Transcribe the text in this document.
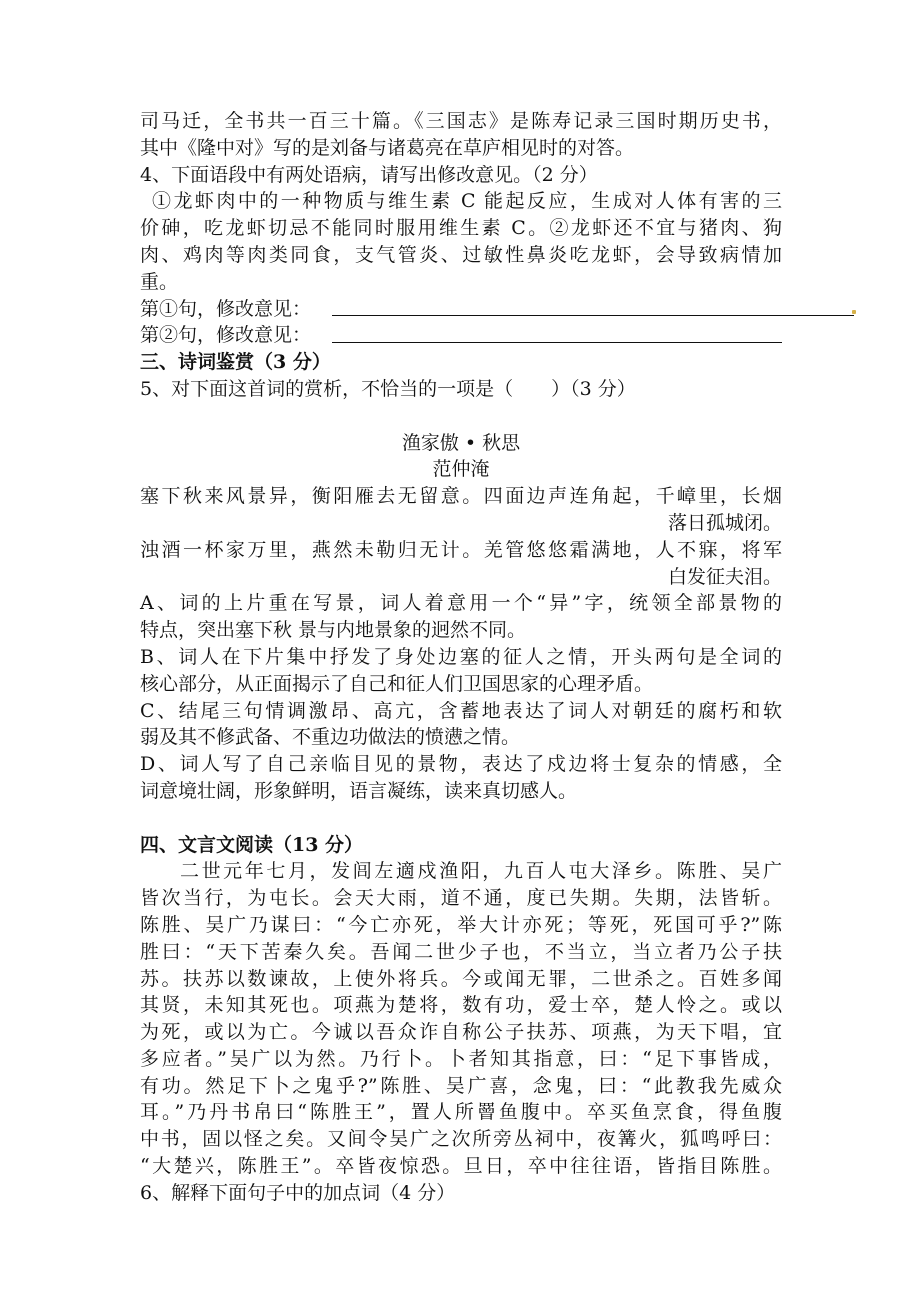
司马迁，全书共一百三十篇。《三国志》是陈寿记录三国时期历史书，
其中《隆中对》写的是刘备与诸葛亮在草庐相见时的对答。
4、下面语段中有两处语病，请写出修改意见。（2 分）
①龙虾肉中的一种物质与维生素 C 能起反应，生成对人体有害的三
价砷，吃龙虾切忌不能同时服用维生素 C。②龙虾还不宜与猪肉、狗
肉、鸡肉等肉类同食，支气管炎、过敏性鼻炎吃龙虾，会导致病情加
重。
第①句，修改意见：
第②句，修改意见：
三、诗词鉴赏（3 分）
5、对下面这首词的赏析，不恰当的一项是（　　）（3 分）
渔家傲 • 秋思
范仲淹
塞下秋来风景异，衡阳雁去无留意。四面边声连角起，千嶂里，长烟
落日孤城闭。
浊酒一杯家万里，燕然未勒归无计。羌管悠悠霜满地，人不寐，将军
白发征夫泪。
A、词的上片重在写景，词人着意用一个“异”字，统领全部景物的
特点，突出塞下秋 景与内地景象的迥然不同。
B、词人在下片集中抒发了身处边塞的征人之情，开头两句是全词的
核心部分，从正面揭示了自己和征人们卫国思家的心理矛盾。
C、结尾三句情调激昂、高亢，含蓄地表达了词人对朝廷的腐朽和软
弱及其不修武备、不重边功做法的愤懑之情。
D、词人写了自己亲临目见的景物，表达了戍边将士复杂的情感，全
词意境壮阔，形象鲜明，语言凝练，读来真切感人。
四、文言文阅读（13 分）
二世元年七月，发闾左適戍渔阳，九百人屯大泽乡。陈胜、吴广
皆次当行，为屯长。会天大雨，道不通，度已失期。失期，法皆斩。
陈胜、吴广乃谋曰：“今亡亦死，举大计亦死；等死，死国可乎?”陈
胜曰：“天下苦秦久矣。吾闻二世少子也，不当立，当立者乃公子扶
苏。扶苏以数谏故，上使外将兵。今或闻无罪，二世杀之。百姓多闻
其贤，未知其死也。项燕为楚将，数有功，爱士卒，楚人怜之。或以
为死，或以为亡。今诚以吾众诈自称公子扶苏、项燕，为天下唱，宜
多应者。”吴广以为然。乃行卜。卜者知其指意，曰：“足下事皆成，
有功。然足下卜之鬼乎?”陈胜、吴广喜，念鬼，曰：“此教我先威众
耳。”乃丹书帛曰“陈胜王”，置人所罾鱼腹中。卒买鱼烹食，得鱼腹
中书，固以怪之矣。又间令吴广之次所旁丛祠中，夜篝火，狐鸣呼曰：
“大楚兴，陈胜王”。卒皆夜惊恐。旦日，卒中往往语，皆指目陈胜。
6、解释下面句子中的加点词（4 分）
